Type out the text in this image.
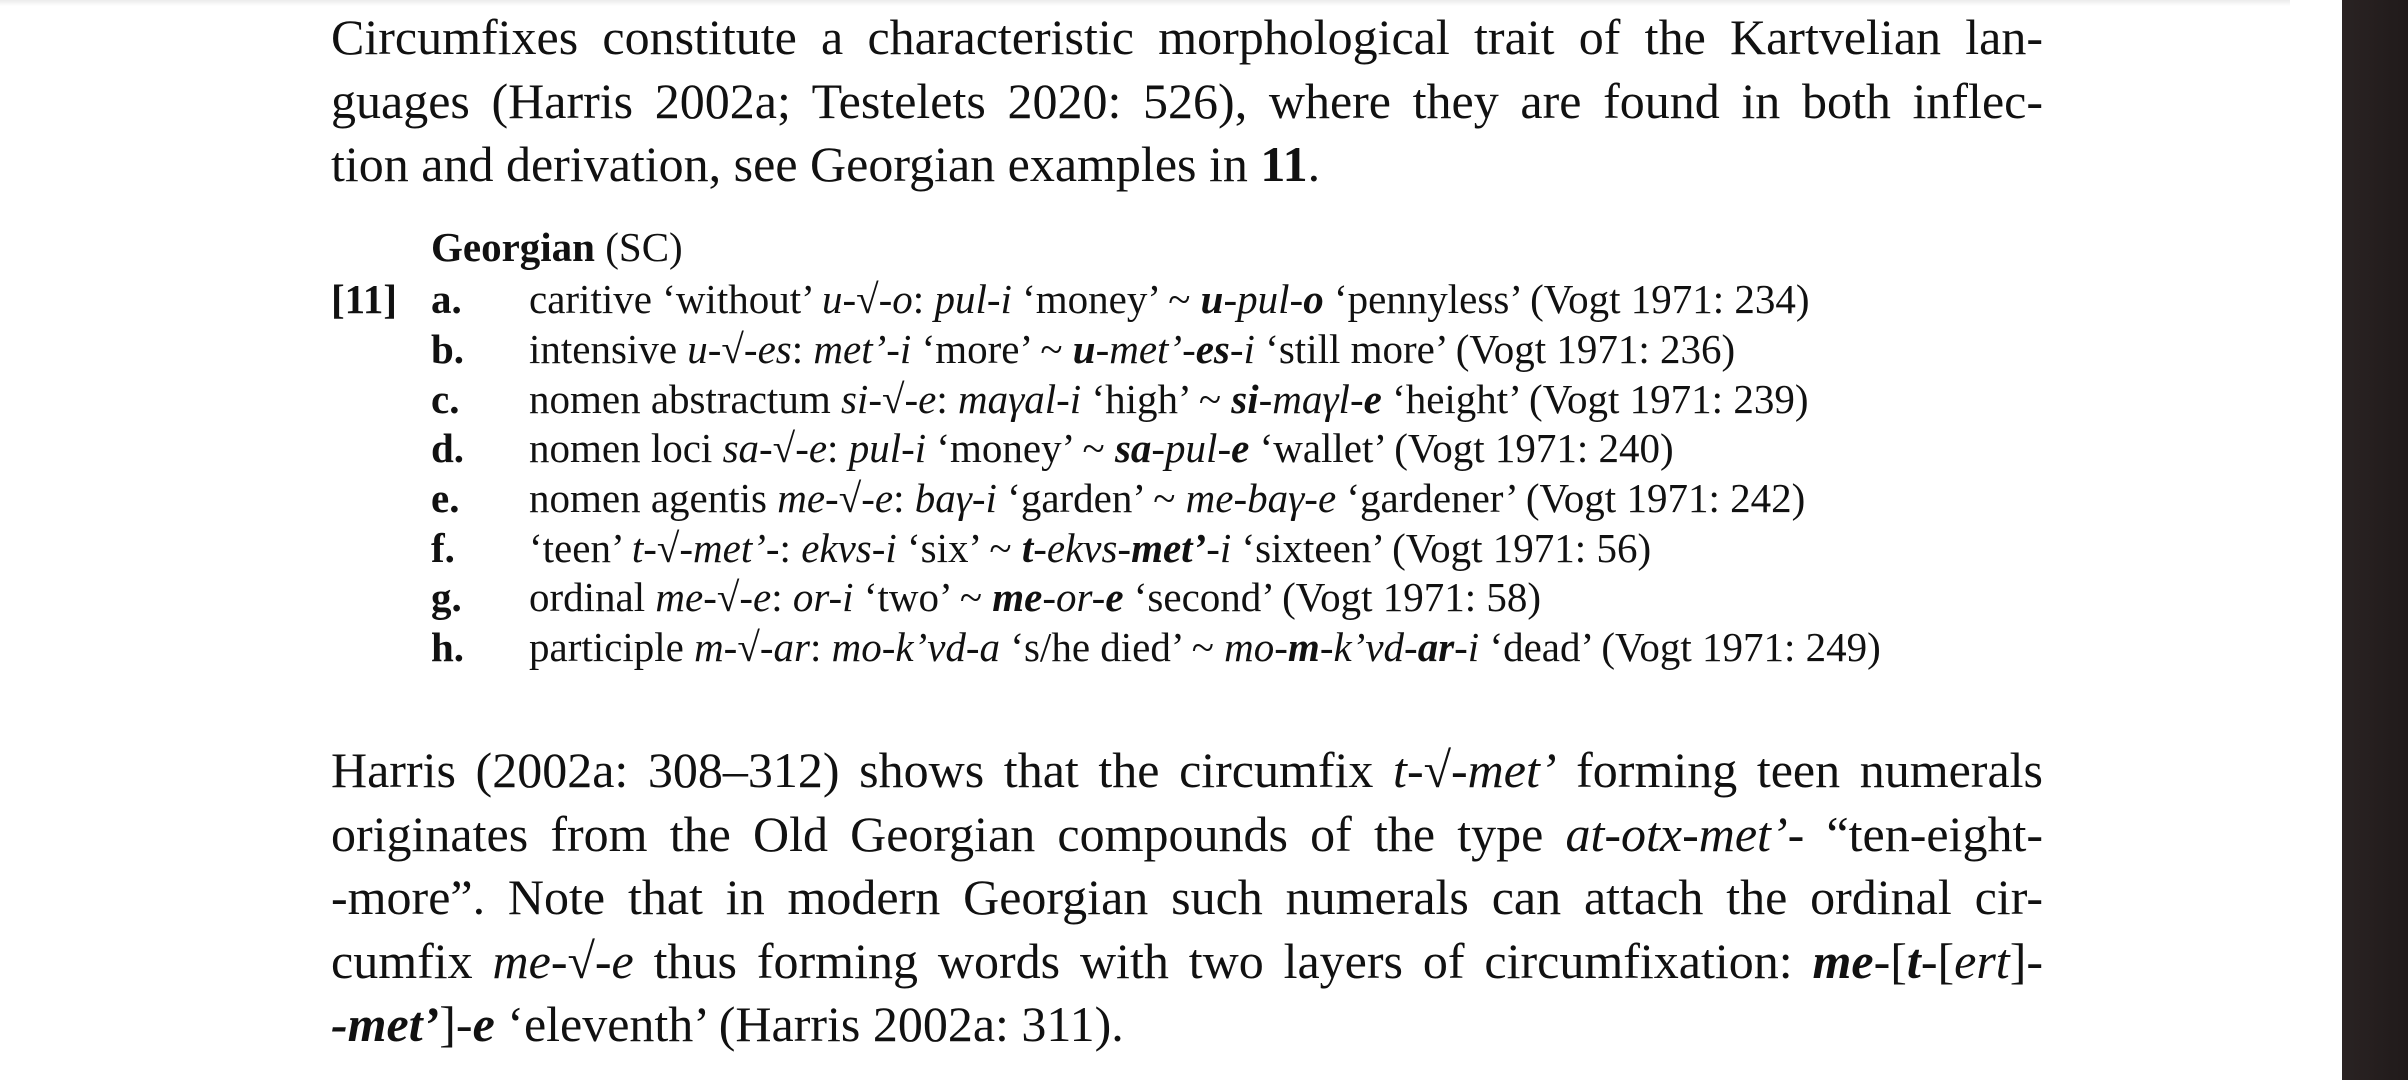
Circumfixes constitute a characteristic morphological trait of the Kartvelian lan-
guages (Harris 2002a; Testelets 2020: 526), where they are found in both inflec-
tion and derivation, see Georgian examples in 11.
Georgian (SC)
[11] a. caritive ‘without’ u-√-o: pul-i ‘money’ ~ u-pul-o ‘pennyless’ (Vogt 1971: 234)
b. intensive u-√-es: met’-i ‘more’ ~ u-met’-es-i ‘still more’ (Vogt 1971: 236)
c. nomen abstractum si-√-e: maγal-i ‘high’ ~ si-maγl-e ‘height’ (Vogt 1971: 239)
d. nomen loci sa-√-e: pul-i ‘money’ ~ sa-pul-e ‘wallet’ (Vogt 1971: 240)
e. nomen agentis me-√-e: baγ-i ‘garden’ ~ me-baγ-e ‘gardener’ (Vogt 1971: 242)
f. ‘teen’ t-√-met’-: ekvs-i ‘six’ ~ t-ekvs-met’-i ‘sixteen’ (Vogt 1971: 56)
g. ordinal me-√-e: or-i ‘two’ ~ me-or-e ‘second’ (Vogt 1971: 58)
h. participle m-√-ar: mo-k’vd-a ‘s/he died’ ~ mo-m-k’vd-ar-i ‘dead’ (Vogt 1971: 249)
Harris (2002a: 308–312) shows that the circumfix t-√-met’ forming teen numerals
originates from the Old Georgian compounds of the type at-otx-met’- “ten-eight-
-more”. Note that in modern Georgian such numerals can attach the ordinal cir-
cumfix me-√-e thus forming words with two layers of circumfixation: me-[t-[ert]-
-met’]-e ‘eleventh’ (Harris 2002a: 311).
